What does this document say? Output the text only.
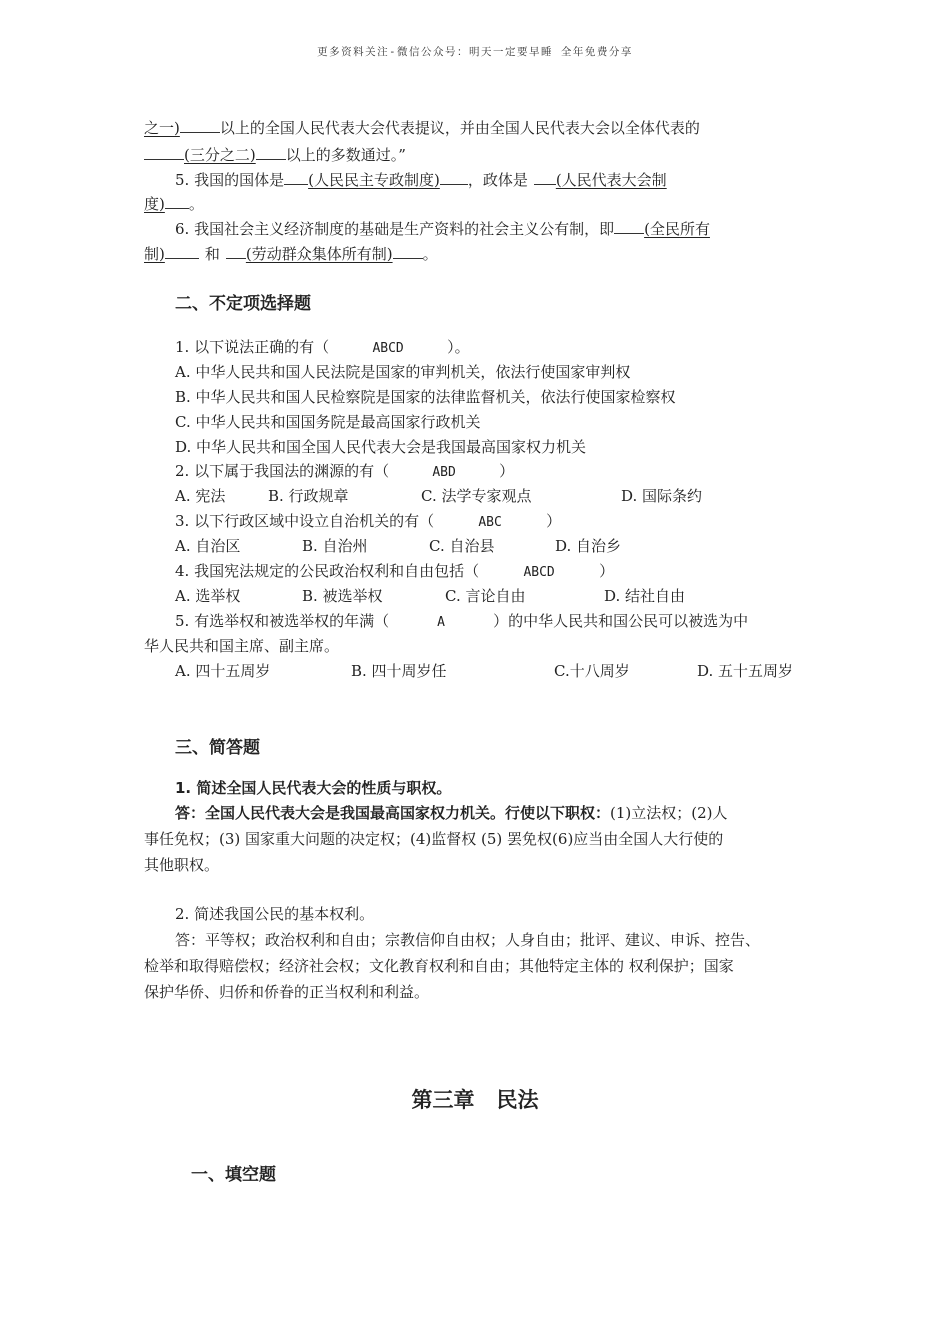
更多资料关注-微信公众号：明天一定要早睡 全年免费分享
之一)	以上的全国人民代表大会代表提议，并由全国人民代表大会以全体代表的
(三分之二) 以上的多数通过。”
5. 我国的国体是 (人民民主专政制度) ，政体是 (人民代表大会制
度) 。
6. 我国社会主义经济制度的基础是生产资料的社会主义公有制，即 (全民所有
制)	和 (劳动群众集体所有制) 。
二、不定项选择题
1. 以下说法正确的有（	ABCD	）。
A. 中华人民共和国人民法院是国家的审判机关，依法行使国家审判权
B. 中华人民共和国人民检察院是国家的法律监督机关，依法行使国家检察权
C. 中华人民共和国国务院是最高国家行政机关
D. 中华人民共和国全国人民代表大会是我国最高国家权力机关
2. 以下属于我国法的渊源的有（	ABD	）
A. 宪法	B. 行政规章	C. 法学专家观点	D. 国际条约
3. 以下行政区域中设立自治机关的有（	ABC	）
A. 自治区	B. 自治州	C. 自治县	D. 自治乡
4. 我国宪法规定的公民政治权利和自由包括（	ABCD	）
A. 选举权	B. 被选举权	C. 言论自由	D. 结社自由
5. 有选举权和被选举权的年满（	A	）的中华人民共和国公民可以被选为中
华人民共和国主席、副主席。
A. 四十五周岁	B. 四十周岁任	C.十八周岁	D. 五十五周岁
三、简答题
1. 简述全国人民代表大会的性质与职权。
答：全国人民代表大会是我国最高国家权力机关。行使以下职权：(1)立法权；(2)人
事任免权；(3) 国家重大问题的决定权；(4)监督权 (5) 罢免权(6)应当由全国人大行使的
其他职权。
2. 简述我国公民的基本权利。
答：平等权；政治权利和自由；宗教信仰自由权；人身自由；批评、建议、申诉、控告、
检举和取得赔偿权；经济社会权；文化教育权利和自由；其他特定主体的 权利保护；国家
保护华侨、归侨和侨眷的正当权利和利益。
第三章   民法
一、填空题
